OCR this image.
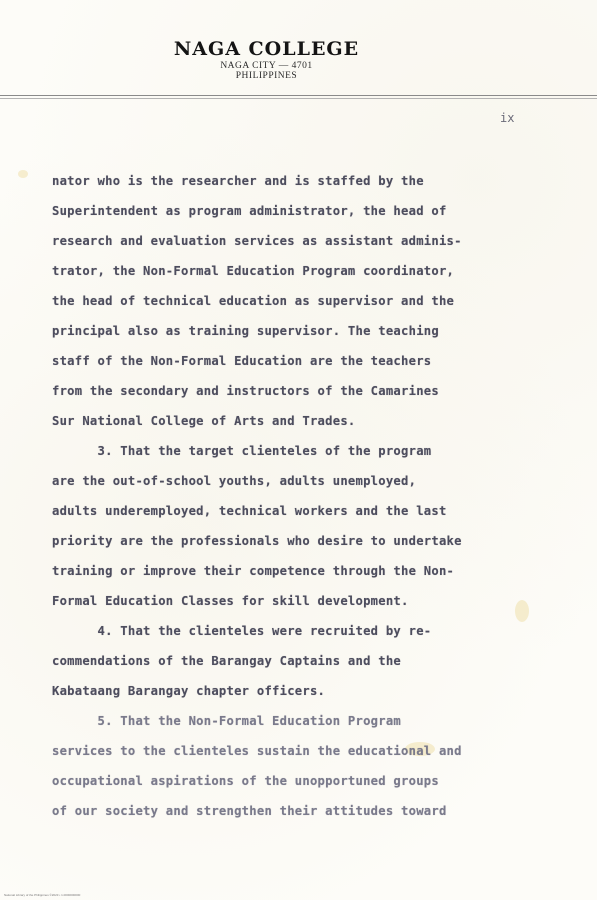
NAGA COLLEGE
NAGA CITY — 4701
PHILIPPINES
ix
nator who is the researcher and is staffed by the
Superintendent as program administrator, the head of
research and evaluation services as assistant adminis-
trator, the Non-Formal Education Program coordinator,
the head of technical education as supervisor and the
principal also as training supervisor. The teaching
staff of the Non-Formal Education are the teachers
from the secondary and instructors of the Camarines
Sur National College of Arts and Trades.
3. That the target clienteles of the program
are the out-of-school youths, adults unemployed,
adults underemployed, technical workers and the last
priority are the professionals who desire to undertake
training or improve their competence through the Non-
Formal Education Classes for skill development.
4. That the clienteles were recruited by re-
commendations of the Barangay Captains and the
Kabataang Barangay chapter officers.
5. That the Non-Formal Education Program
services to the clienteles sustain the educational and
occupational aspirations of the unopportuned groups
of our society and strengthen their attitudes toward
National Library of the Philippines ©2023 • 1.0000000000
